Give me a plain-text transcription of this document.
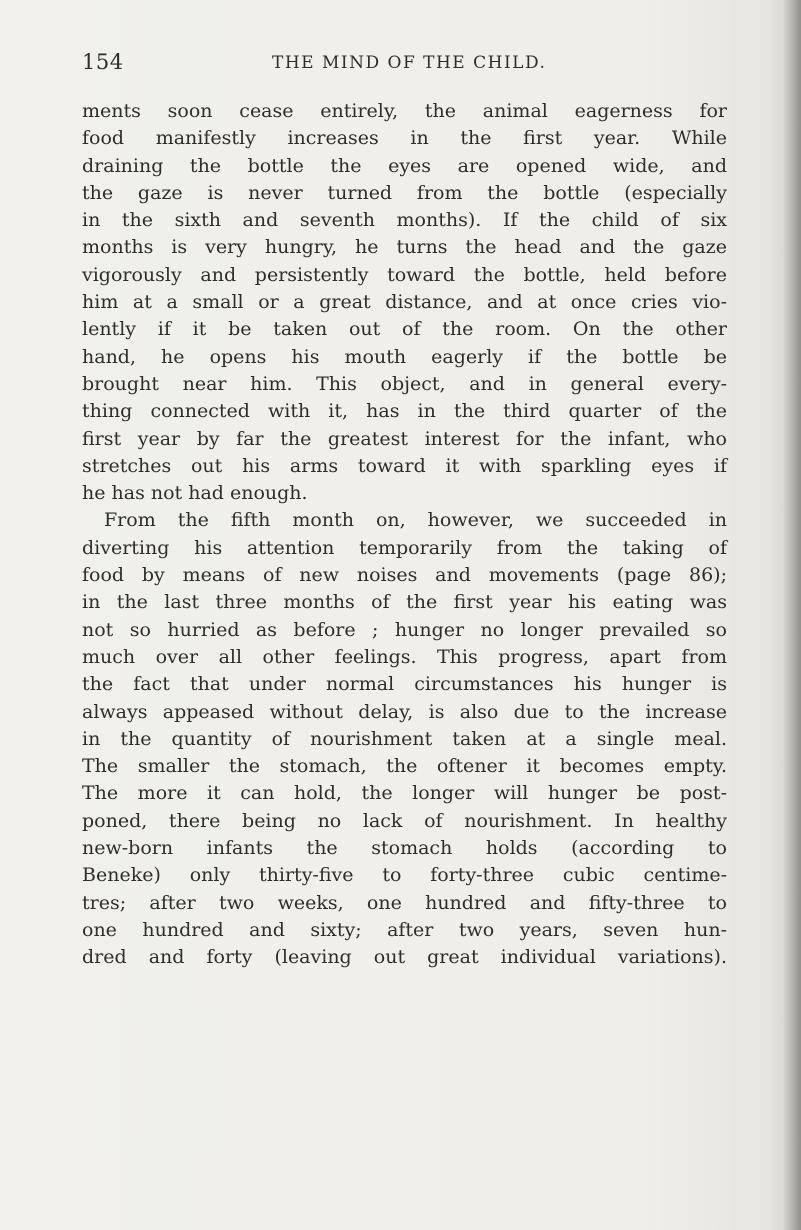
154	THE MIND OF THE CHILD.
ments soon cease entirely, the animal eagerness for
food manifestly increases in the first year. While
draining the bottle the eyes are opened wide, and
the gaze is never turned from the bottle (especially
in the sixth and seventh months). If the child of six
months is very hungry, he turns the head and the gaze
vigorously and persistently toward the bottle, held before
him at a small or a great distance, and at once cries vio-
lently if it be taken out of the room. On the other
hand, he opens his mouth eagerly if the bottle be
brought near him. This object, and in general every-
thing connected with it, has in the third quarter of the
first year by far the greatest interest for the infant, who
stretches out his arms toward it with sparkling eyes if
he has not had enough.
From the fifth month on, however, we succeeded in
diverting his attention temporarily from the taking of
food by means of new noises and movements (page 86);
in the last three months of the first year his eating was
not so hurried as before ; hunger no longer prevailed so
much over all other feelings. This progress, apart from
the fact that under normal circumstances his hunger is
always appeased without delay, is also due to the increase
in the quantity of nourishment taken at a single meal.
The smaller the stomach, the oftener it becomes empty.
The more it can hold, the longer will hunger be post-
poned, there being no lack of nourishment. In healthy
new-born infants the stomach holds (according to
Beneke) only thirty-five to forty-three cubic centime-
tres; after two weeks, one hundred and fifty-three to
one hundred and sixty; after two years, seven hun-
dred and forty (leaving out great individual variations).
